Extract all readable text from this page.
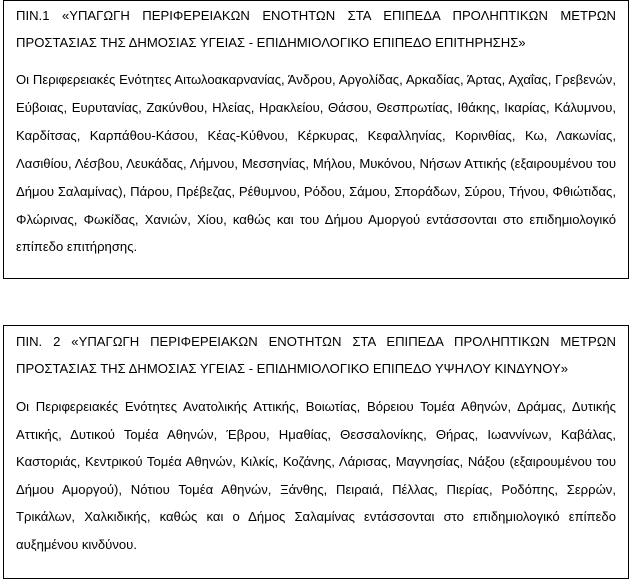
ΠΙΝ.1 «ΥΠΑΓΩΓΗ ΠΕΡΙΦΕΡΕΙΑΚΩΝ ΕΝΟΤΗΤΩΝ ΣΤΑ ΕΠΙΠΕΔΑ ΠΡΟΛΗΠΤΙΚΩΝ ΜΕΤΡΩΝ ΠΡΟΣΤΑΣΙΑΣ ΤΗΣ ΔΗΜΟΣΙΑΣ ΥΓΕΙΑΣ - ΕΠΙΔΗΜΙΟΛΟΓΙΚΟ ΕΠΙΠΕΔΟ ΕΠΙΤΗΡΗΣΗΣ»

Οι Περιφερειακές Ενότητες Αιτωλοακαρνανίας, Άνδρου, Αργολίδας, Αρκαδίας, Άρτας, Αχαΐας, Γρεβενών, Εύβοιας, Ευρυτανίας, Ζακύνθου, Ηλείας, Ηρακλείου, Θάσου, Θεσπρωτίας, Ιθάκης, Ικαρίας, Κάλυμνου, Καρδίτσας, Καρπάθου-Κάσου, Κέας-Κύθνου, Κέρκυρας, Κεφαλληνίας, Κορινθίας, Κω, Λακωνίας, Λασιθίου, Λέσβου, Λευκάδας, Λήμνου, Μεσσηνίας, Μήλου, Μυκόνου, Νήσων Αττικής (εξαιρουμένου του Δήμου Σαλαμίνας), Πάρου, Πρέβεζας, Ρέθυμνου, Ρόδου, Σάμου, Σποράδων, Σύρου, Τήνου, Φθιώτιδας, Φλώρινας, Φωκίδας, Χανιών, Χίου, καθώς και του Δήμου Αμοργού εντάσσονται στο επιδημιολογικό επίπεδο επιτήρησης.

ΠΙΝ. 2 «ΥΠΑΓΩΓΗ ΠΕΡΙΦΕΡΕΙΑΚΩΝ ΕΝΟΤΗΤΩΝ ΣΤΑ ΕΠΙΠΕΔΑ ΠΡΟΛΗΠΤΙΚΩΝ ΜΕΤΡΩΝ ΠΡΟΣΤΑΣΙΑΣ ΤΗΣ ΔΗΜΟΣΙΑΣ ΥΓΕΙΑΣ - ΕΠΙΔΗΜΙΟΛΟΓΙΚΟ ΕΠΙΠΕΔΟ ΥΨΗΛΟΥ ΚΙΝΔΥΝΟΥ»

Οι Περιφερειακές Ενότητες Ανατολικής Αττικής, Βοιωτίας, Βόρειου Τομέα Αθηνών, Δράμας, Δυτικής Αττικής, Δυτικού Τομέα Αθηνών, Έβρου, Ημαθίας, Θεσσαλονίκης, Θήρας, Ιωαννίνων, Καβάλας, Καστοριάς, Κεντρικού Τομέα Αθηνών, Κιλκίς, Κοζάνης, Λάρισας, Μαγνησίας, Νάξου (εξαιρουμένου του Δήμου Αμοργού), Νότιου Τομέα Αθηνών, Ξάνθης, Πειραιά, Πέλλας, Πιερίας, Ροδόπης, Σερρών, Τρικάλων, Χαλκιδικής, καθώς και ο Δήμος Σαλαμίνας εντάσσονται στο επιδημιολογικό επίπεδο αυξημένου κινδύνου.
